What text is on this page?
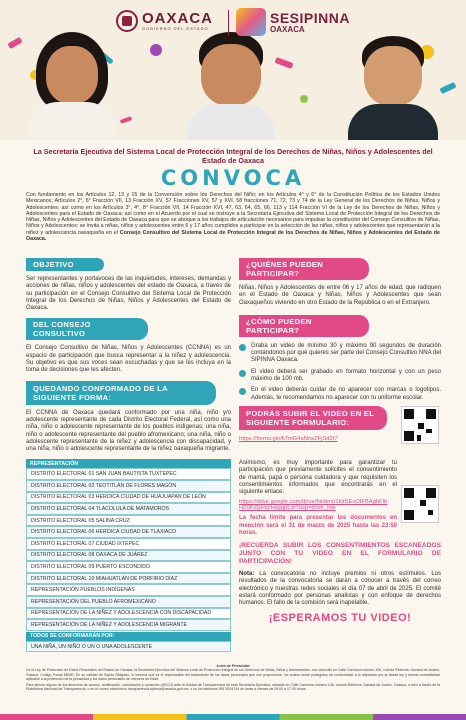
OAXACA
GOBIERNO DEL ESTADO
SESIPINNA
OAXACA
La Secretaría Ejecutiva del Sistema Local de Protección Integral de los Derechos de Niñas, Niños y Adolescentes del Estado de Oaxaca
CONVOCA
Con fundamento en los Artículos 12, 13 y 15 de la Convención sobre los Derechos del Niño; en los Artículos 4° y 6° de la Constitución Política de los Estados Unidos Mexicanos; Artículos 2°, 6° Fracción VII, 13 Fracción XV, 57 Fracciones XV, 57 y XVI, 58 fracciones 71, 72, 73 y 74 de la Ley General de los Derechos de Niñas, Niños y Adolescentes; así como en los Artículos 3°, 4°, 8° Fracción VII, 14 Fracción XVI, 47, 63, 64, 65, 66, 113 y 114 Fracción VI de la Ley de los Derechos de Niñas, Niños y Adolescentes para el Estado de Oaxaca; así como en el Acuerdo por el cual se instruye a la Secretaría Ejecutiva del Sistema Local de Protección Integral de los Derechos de Niñas, Niños y Adolescentes del Estado de Oaxaca para que se aboque a los trabajos de articulación necesarios para impulsar la constitución del Consejo Consultivo de Niñas, Niños y Adolescentes; se invita a niñas, niños y adolescentes entre 6 y 17 años cumplidos a participar en la selección de las niñas, niños y adolescentes que representarán a la niñez y adolescencia oaxaqueña en el Consejo Consultivo del Sistema Local de Protección Integral de los Derechos de Niñas, Niños y Adolescentes del Estado de Oaxaca.
OBJETIVO

Ser representantes y portavoces de las inquietudes, intereses, demandas y acciones de niñas, niños y adolescentes del estado de Oaxaca, a través de su participación en el Consejo Consultivo del Sistema Local de Protección Integral de los Derechos de Niñas, Niños y Adolescentes del Estado de Oaxaca.

DEL CONSEJO CONSULTIVO

El Consejo Consultivo de Niñas, Niños y Adolescentes (CCNNA) es un espacio de participación que busca representar a la niñez y adolescencia. Su objetivo es que sus voces sean escuchadas y que se les incluya en la toma de decisiones que les afecten.

QUEDANDO CONFORMADO DE LA SIGUIENTE FORMA:

El CCNNA de Oaxaca quedará conformado por una niña, niño y/o adolescente representante de cada Distrito Electoral Federal, así como una niña, niño o adolescente representante de los pueblos indígenas; una niña, niño o adolescente representante del pueblo afromexicano; una niña, niño o adolescente representante de la niñez y adolescencia con discapacidad, y una niña, niño o adolescente representante de la niñez oaxaqueña migrante.

REPRESENTACIÓN
DISTRITO ELECTORAL 01 SAN JUAN BAUTISTA TUXTEPEC
DISTRITO ELECTORAL 02 TEOTITLÁN DE FLORES MAGÓN
DISTRITO ELECTORAL 03 HEROICA CIUDAD DE HUAJUAPAN DE LEÓN
DISTRITO ELECTORAL 04 TLACOLULA DE MATAMOROS
DISTRITO ELECTORAL 05 SALINA CRUZ
DISTRITO ELECTORAL 06 HEROICA CIUDAD DE TLAXIACO
DISTRITO ELECTORAL 07 CIUDAD IXTEPEC
DISTRITO ELECTORAL 08 OAXACA DE JUÁREZ
DISTRITO ELECTORAL 09 PUERTO ESCONDIDO
DISTRITO ELECTORAL 10 MIAHUATLÁN DE PORFIRIO DÍAZ
REPRESENTACIÓN PUEBLOS INDÍGENAS
REPRESENTACIÓN DEL PUEBLO AFROMEXICANO
REPRESENTACIÓN DE LA NIÑEZ Y ADOLESCENCIA CON DISCAPACIDAD
REPRESENTACIÓN DE LA NIÑEZ Y ADOLESCENCIA MIGRANTE
TODOS SE CONFORMARÁN POR:
UNA NIÑA, UN NIÑO O UN O UNA ADOLESCENTE
¿QUIÉNES PUEDEN PARTICIPAR?

Niñas, Niños y Adolescentes de entre 06 y 17 años de edad, que radiquen en el Estado de Oaxaca y Niñas, Niños y Adolescentes que sean Oaxaqueños viviendo en otro Estado de la República o en el Extranjero.

¿CÓMO PUEDEN PARTICIPAR?

Graba un video de mínimo 30 y máximo 90 segundos de duración contándonos por qué quieres ser parte del Consejo Consultivo NNA del SIPINNA Oaxaca.

El video deberá ser grabado en formato horizontal y con un peso máximo de 100 mb.

En el video deberás cuidar de no aparecer con marcas o logotipos. Además, te recomendamos no aparecer con tu uniforme escolar.

PODRÁS SUBIR EL VIDEO EN EL SIGUIENTE FORMULARIO:
https://forms.gle/k7mG4aNnxZFjSd2f7

Asimismo, es muy importante para garantizar tu participación que previamente solicites el consentimiento de mamá, papá o persona cuidadora y que requisiten los consentimientos informados que encontrarás en el siguiente enlace:

https://drive.google.com/drive/folders/1klrSEvOIFBAghFlhHZ0PZpHxzHsgqpLm?usp=drive_link

La fecha límite para presentar los documentos en mención será el 31 de marzo de 2025 hasta las 23:59 horas.

¡RECUERDA SUBIR LOS CONSENTIMIENTOS ESCANEADOS JUNTO CON TU VIDEO EN EL FORMULARIO DE PARTICIPACIÓN!

Nota: La convocatoria no incluye premios ni otros estímulos. Los resultados de la convocatoria se darán a conocer a través del correo electrónico y nuestras redes sociales el día 07 de abril de 2025. El comité estará conformado por personas analistas y con enfoque de derechos humanos. El fallo de la comisión será inapelable.

¡ESPERAMOS TU VIDEO!
Aviso de Privacidad

De la Ley de Protección de Datos Personales del Estado de Oaxaca, la Secretaría Ejecutiva del Sistema Local de Protección Integral de los Derechos de Niñas, Niños y Adolescentes, con domicilio en Calle Carmona número 106, colonia Reforma, Oaxaca de Juárez, Oaxaca, Código Postal 68050. En su calidad de Sujeto Obligado, le informa que es el responsable del tratamiento de los datos personales que nos proporcione, los cuales serán protegidos de conformidad a lo dispuesto por la citada ley y demás normatividad aplicable a la protección de la privacidad y los datos personales de menores de edad.

Para ejercer alguno de los derechos de acceso, rectificación, cancelación y oposición (ARCO) ante la Unidad de Transparencia de esta Secretaría Ejecutiva, ubicada en Calle Carmona número 106, colonia Reforma, Oaxaca de Juárez, Oaxaca, o bien a través de la Plataforma Nacional de Transparencia, o en el correo electrónico transparencia.sipinna@oaxaca.gob.mx, o en los teléfonos 951 5034744 de lunes a viernes de 09:00 a 17:00 horas.
